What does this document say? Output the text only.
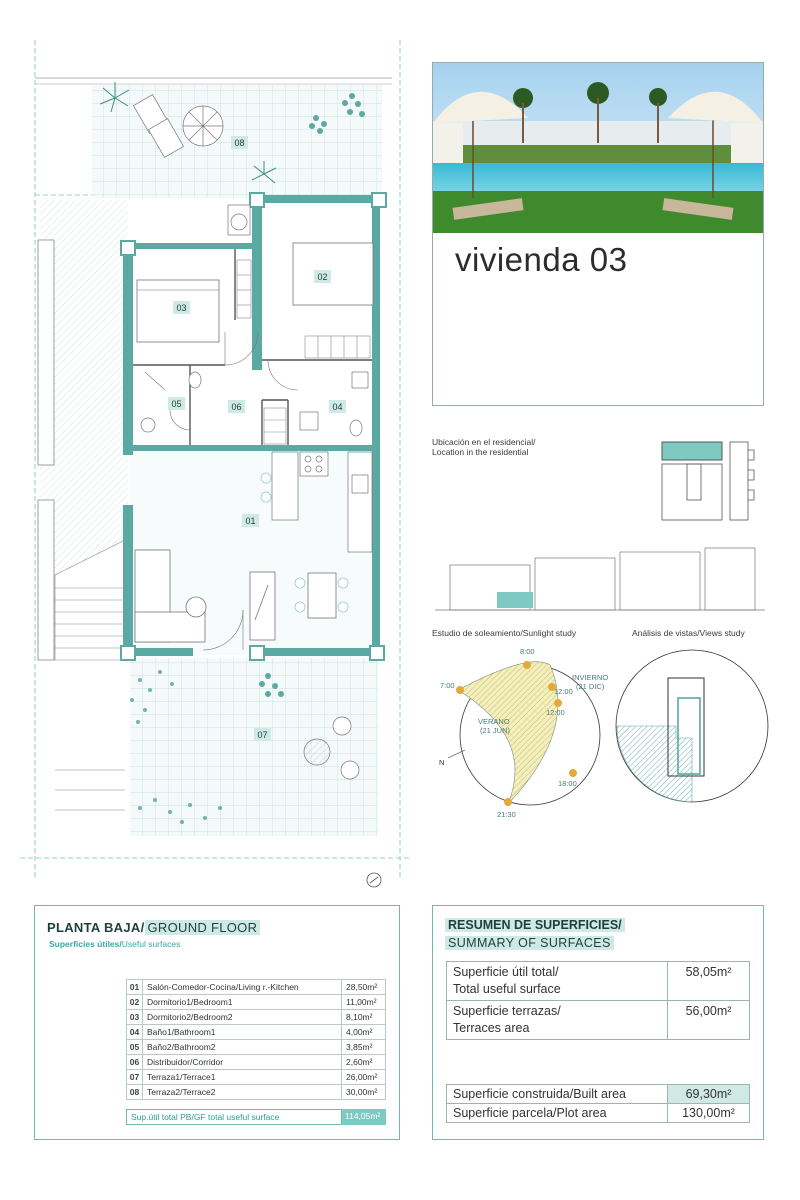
03
02
05	06	04
01
07
08
vivienda 03
Ubicación en el residencial/
Location in the residential
Estudio de soleamiento/Sunlight study	Análisis de vistas/Views study
8:00
7:00
12:00
12:00
18:00
21:30
INVIERNO
(21 DIC)
VERANO
(21 JUN)
N
PLANTA BAJA/ GROUND FLOOR
Superficies útiles/Useful surfaces
01	Salón-Comedor-Cocina/Living r.-Kitchen	28,50m²
02	Dormitorio1/Bedroom1	11,00m²
03	Dormitorio2/Bedroom2	8,10m²
04	Baño1/Bathroom1	4,00m²
05	Baño2/Bathroom2	3,85m²
06	Distribuidor/Corridor	2,60m²
07	Terraza1/Terrace1	26,00m²
08	Terraza2/Terrace2	30,00m²
Sup.útil total PB/GF total useful surface	114,05m²
RESUMEN DE SUPERFICIES/
SUMMARY OF SURFACES
Superficie útil total/
Total useful surface	58,05m²

Superficie terrazas/
Terraces area	56,00m²
Superficie construida/Built area	69,30m²
Superficie parcela/Plot area	130,00m²
